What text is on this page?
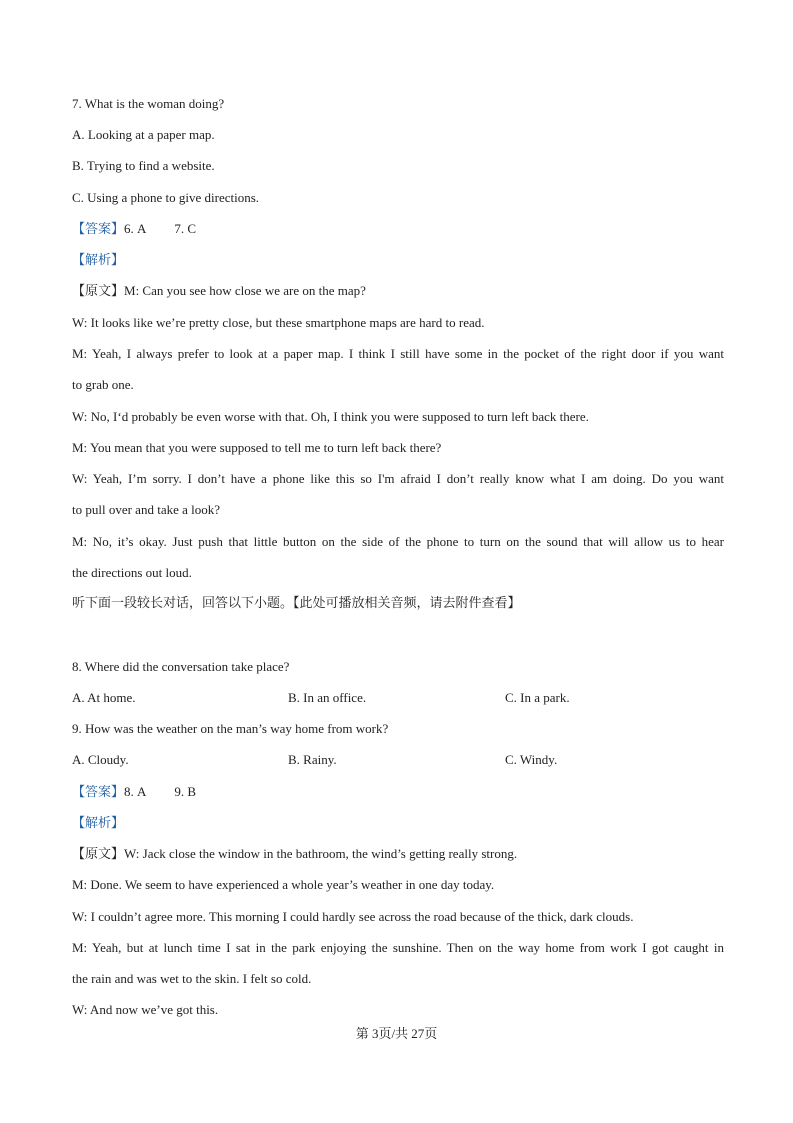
7. What is the woman doing?
A. Looking at a paper map.
B. Trying to find a website.
C. Using a phone to give directions.
【答案】6. A 7. C
【解析】
【原文】M: Can you see how close we are on the map?
W: It looks like we’re pretty close, but these smartphone maps are hard to read.
M: Yeah, I always prefer to look at a paper map. I think I still have some in the pocket of the right door if you want
to grab one.
W: No, I‘d probably be even worse with that. Oh, I think you were supposed to turn left back there.
M: You mean that you were supposed to tell me to turn left back there?
W: Yeah, I’m sorry. I don’t have a phone like this so I'm afraid I don’t really know what I am doing. Do you want
to pull over and take a look?
M: No, it’s okay. Just push that little button on the side of the phone to turn on the sound that will allow us to hear
the directions out loud.
听下面一段较长对话，回答以下小题。【此处可播放相关音频，请去附件查看】
8. Where did the conversation take place?
A. At home.	B. In an office.	C. In a park.
9. How was the weather on the man’s way home from work?
A. Cloudy.	B. Rainy.	C. Windy.
【答案】8. A 9. B
【解析】
【原文】W: Jack close the window in the bathroom, the wind’s getting really strong.
M: Done. We seem to have experienced a whole year’s weather in one day today.
W: I couldn’t agree more. This morning I could hardly see across the road because of the thick, dark clouds.
M: Yeah, but at lunch time I sat in the park enjoying the sunshine. Then on the way home from work I got caught in
the rain and was wet to the skin. I felt so cold.
W: And now we’ve got this.
第 3页/共 27页
